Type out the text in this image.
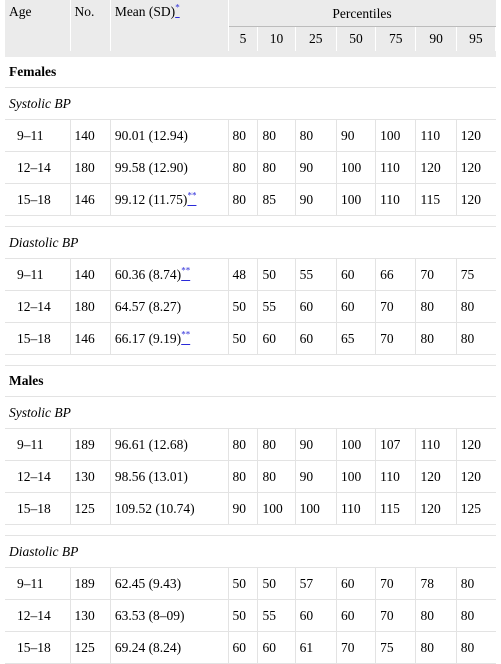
Age	No.	Mean (SD)*	Percentiles						
			5	10	25	50	75	90	95

Females									
Systolic BP									
9–11	140	90.01 (12.94)	80	80	80	90	100	110	120
12–14	180	99.58 (12.90)	80	80	90	100	110	120	120
15–18	146	99.12 (11.75)**	80	85	90	100	110	115	120

Diastolic BP									
9–11	140	60.36 (8.74)**	48	50	55	60	66	70	75
12–14	180	64.57 (8.27)	50	55	60	60	70	80	80
15–18	146	66.17 (9.19)**	50	60	60	65	70	80	80

Males									
Systolic BP									
9–11	189	96.61 (12.68)	80	80	90	100	107	110	120
12–14	130	98.56 (13.01)	80	80	90	100	110	120	120
15–18	125	109.52 (10.74)	90	100	100	110	115	120	125

Diastolic BP									
9–11	189	62.45 (9.43)	50	50	57	60	70	78	80
12–14	130	63.53 (8–09)	50	55	60	60	70	80	80
15–18	125	69.24 (8.24)	60	60	61	70	75	80	80
